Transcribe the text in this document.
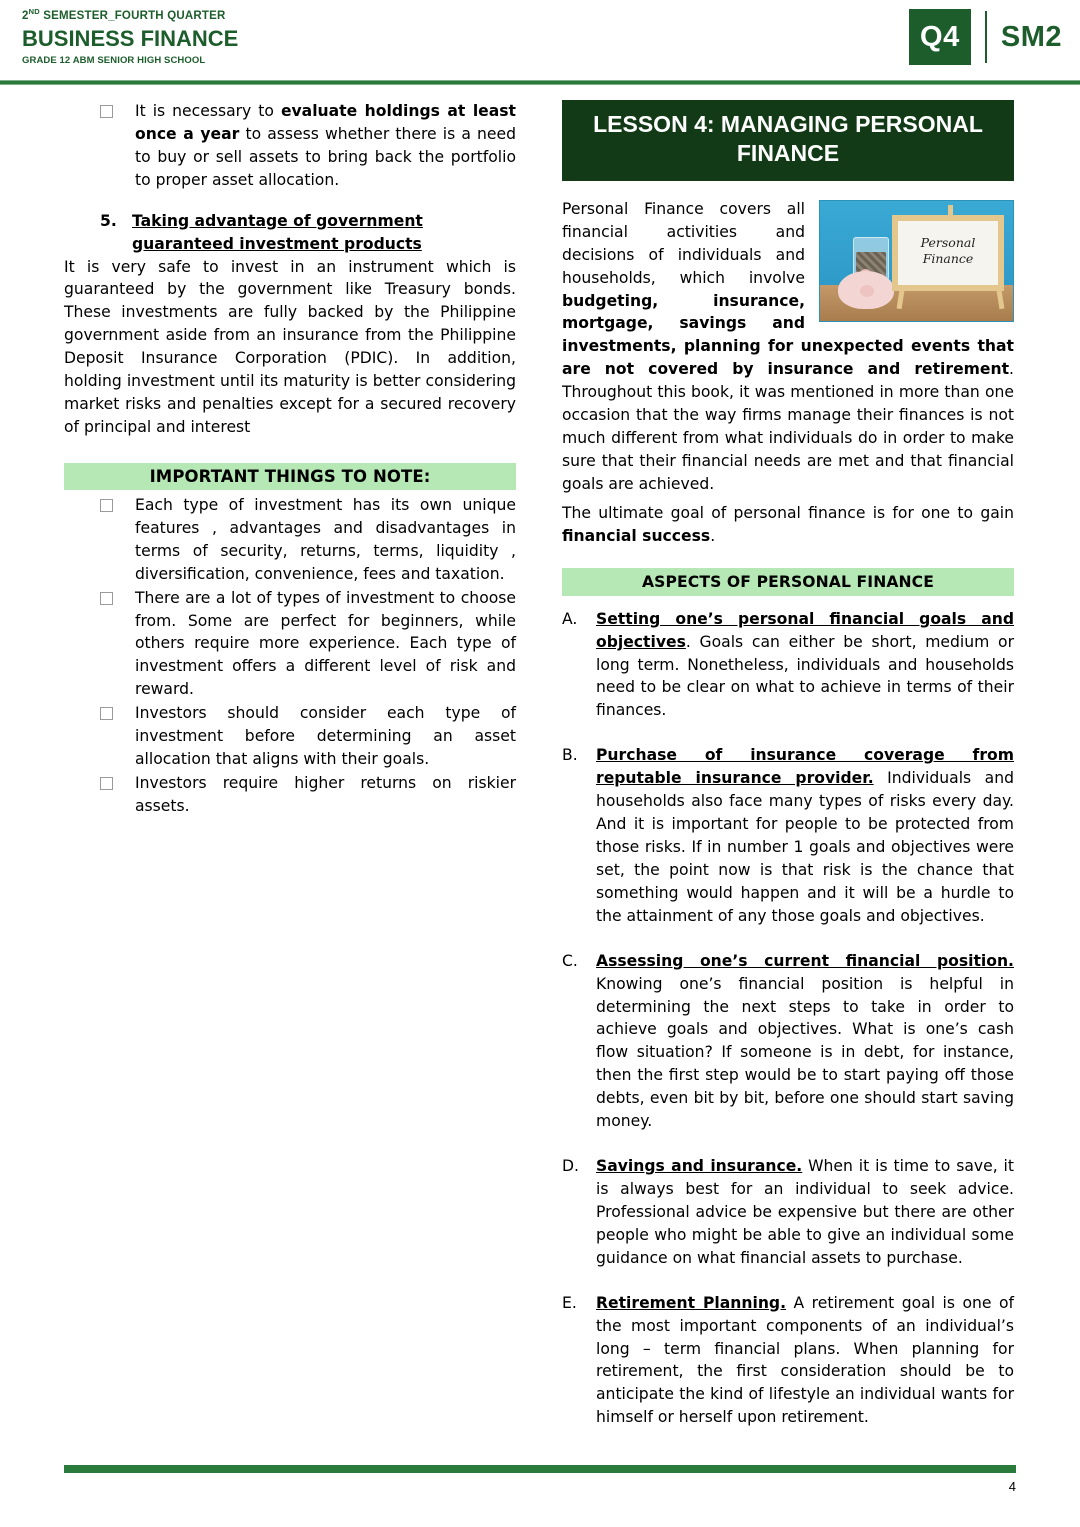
2ND SEMESTER_FOURTH QUARTER
BUSINESS FINANCE
GRADE 12 ABM SENIOR HIGH SCHOOL
Q4	SM2
It is necessary to evaluate holdings at least once a year to assess whether there is a need to buy or sell assets to bring back the portfolio to proper asset allocation.
5. Taking advantage of government
guaranteed investment products

It is very safe to invest in an instrument which is guaranteed by the government like Treasury bonds. These investments are fully backed by the Philippine government aside from an insurance from the Philippine Deposit Insurance Corporation (PDIC). In addition, holding investment until its maturity is better considering market risks and penalties except for a secured recovery of principal and interest

IMPORTANT THINGS TO NOTE:
Each type of investment has its own unique features , advantages and disadvantages in terms of security, returns, terms, liquidity , diversification, convenience, fees and taxation.
There are a lot of types of investment to choose from. Some are perfect for beginners, while others require more experience. Each type of investment offers a different level of risk and reward.
Investors should consider each type of investment before determining an asset allocation that aligns with their goals.
Investors require higher returns on riskier assets.
LESSON 4: MANAGING PERSONAL
FINANCE
Personal
Finance

Personal Finance covers all financial activities and decisions of individuals and households, which involve budgeting, insurance, mortgage, savings and investments, planning for unexpected events that are not covered by insurance and retirement. Throughout this book, it was mentioned in more than one occasion that the way firms manage their finances is not much different from what individuals do in order to make sure that their financial needs are met and that financial goals are achieved.

The ultimate goal of personal finance is for one to gain financial success.

ASPECTS OF PERSONAL FINANCE
A.	Setting one’s personal financial goals and objectives. Goals can either be short, medium or long term. Nonetheless, individuals and households need to be clear on what to achieve in terms of their finances.
B.	Purchase of insurance coverage from reputable insurance provider. Individuals and households also face many types of risks every day. And it is important for people to be protected from those risks. If in number 1 goals and objectives were set, the point now is that risk is the chance that something would happen and it will be a hurdle to the attainment of any those goals and objectives.
C.	Assessing one’s current financial position. Knowing one’s financial position is helpful in determining the next steps to take in order to achieve goals and objectives. What is one’s cash flow situation? If someone is in debt, for instance, then the first step would be to start paying off those debts, even bit by bit, before one should start saving money.
D.	Savings and insurance. When it is time to save, it is always best for an individual to seek advice. Professional advice be expensive but there are other people who might be able to give an individual some guidance on what financial assets to purchase.
E.	Retirement Planning. A retirement goal is one of the most important components of an individual’s long – term financial plans. When planning for retirement, the first consideration should be to anticipate the kind of lifestyle an individual wants for himself or herself upon retirement.
4
